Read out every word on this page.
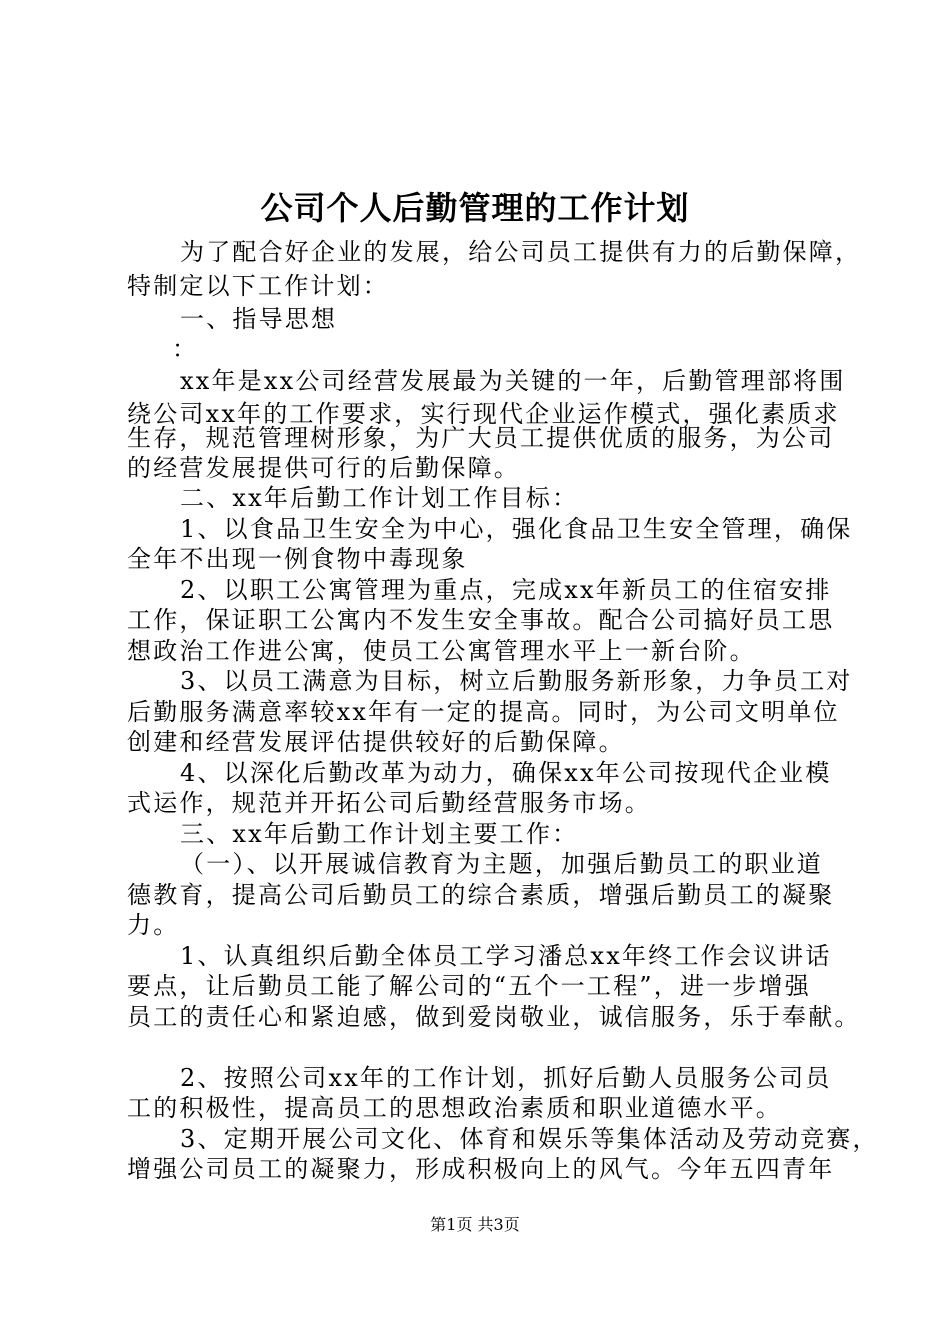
公司个人后勤管理的工作计划
为了配合好企业的发展，给公司员工提供有力的后勤保障，
特制定以下工作计划：
一、指导思想
：
xx年是xx公司经营发展最为关键的一年，后勤管理部将围
绕公司xx年的工作要求，实行现代企业运作模式，强化素质求
生存，规范管理树形象，为广大员工提供优质的服务，为公司
的经营发展提供可行的后勤保障。
二、xx年后勤工作计划工作目标：
1、以食品卫生安全为中心，强化食品卫生安全管理，确保
全年不出现一例食物中毒现象
2、以职工公寓管理为重点，完成xx年新员工的住宿安排
工作，保证职工公寓内不发生安全事故。配合公司搞好员工思
想政治工作进公寓，使员工公寓管理水平上一新台阶。
3、以员工满意为目标，树立后勤服务新形象，力争员工对
后勤服务满意率较xx年有一定的提高。同时，为公司文明单位
创建和经营发展评估提供较好的后勤保障。
4、以深化后勤改革为动力，确保xx年公司按现代企业模
式运作，规范并开拓公司后勤经营服务市场。
三、xx年后勤工作计划主要工作：
（一）、以开展诚信教育为主题，加强后勤员工的职业道
德教育，提高公司后勤员工的综合素质，增强后勤员工的凝聚
力。
1、认真组织后勤全体员工学习潘总xx年终工作会议讲话
要点，让后勤员工能了解公司的“五个一工程”，进一步增强
员工的责任心和紧迫感，做到爱岗敬业，诚信服务，乐于奉献。
2、按照公司xx年的工作计划，抓好后勤人员服务公司员
工的积极性，提高员工的思想政治素质和职业道德水平。
3、定期开展公司文化、体育和娱乐等集体活动及劳动竞赛，
增强公司员工的凝聚力，形成积极向上的风气。今年五四青年
第1页 共3页
